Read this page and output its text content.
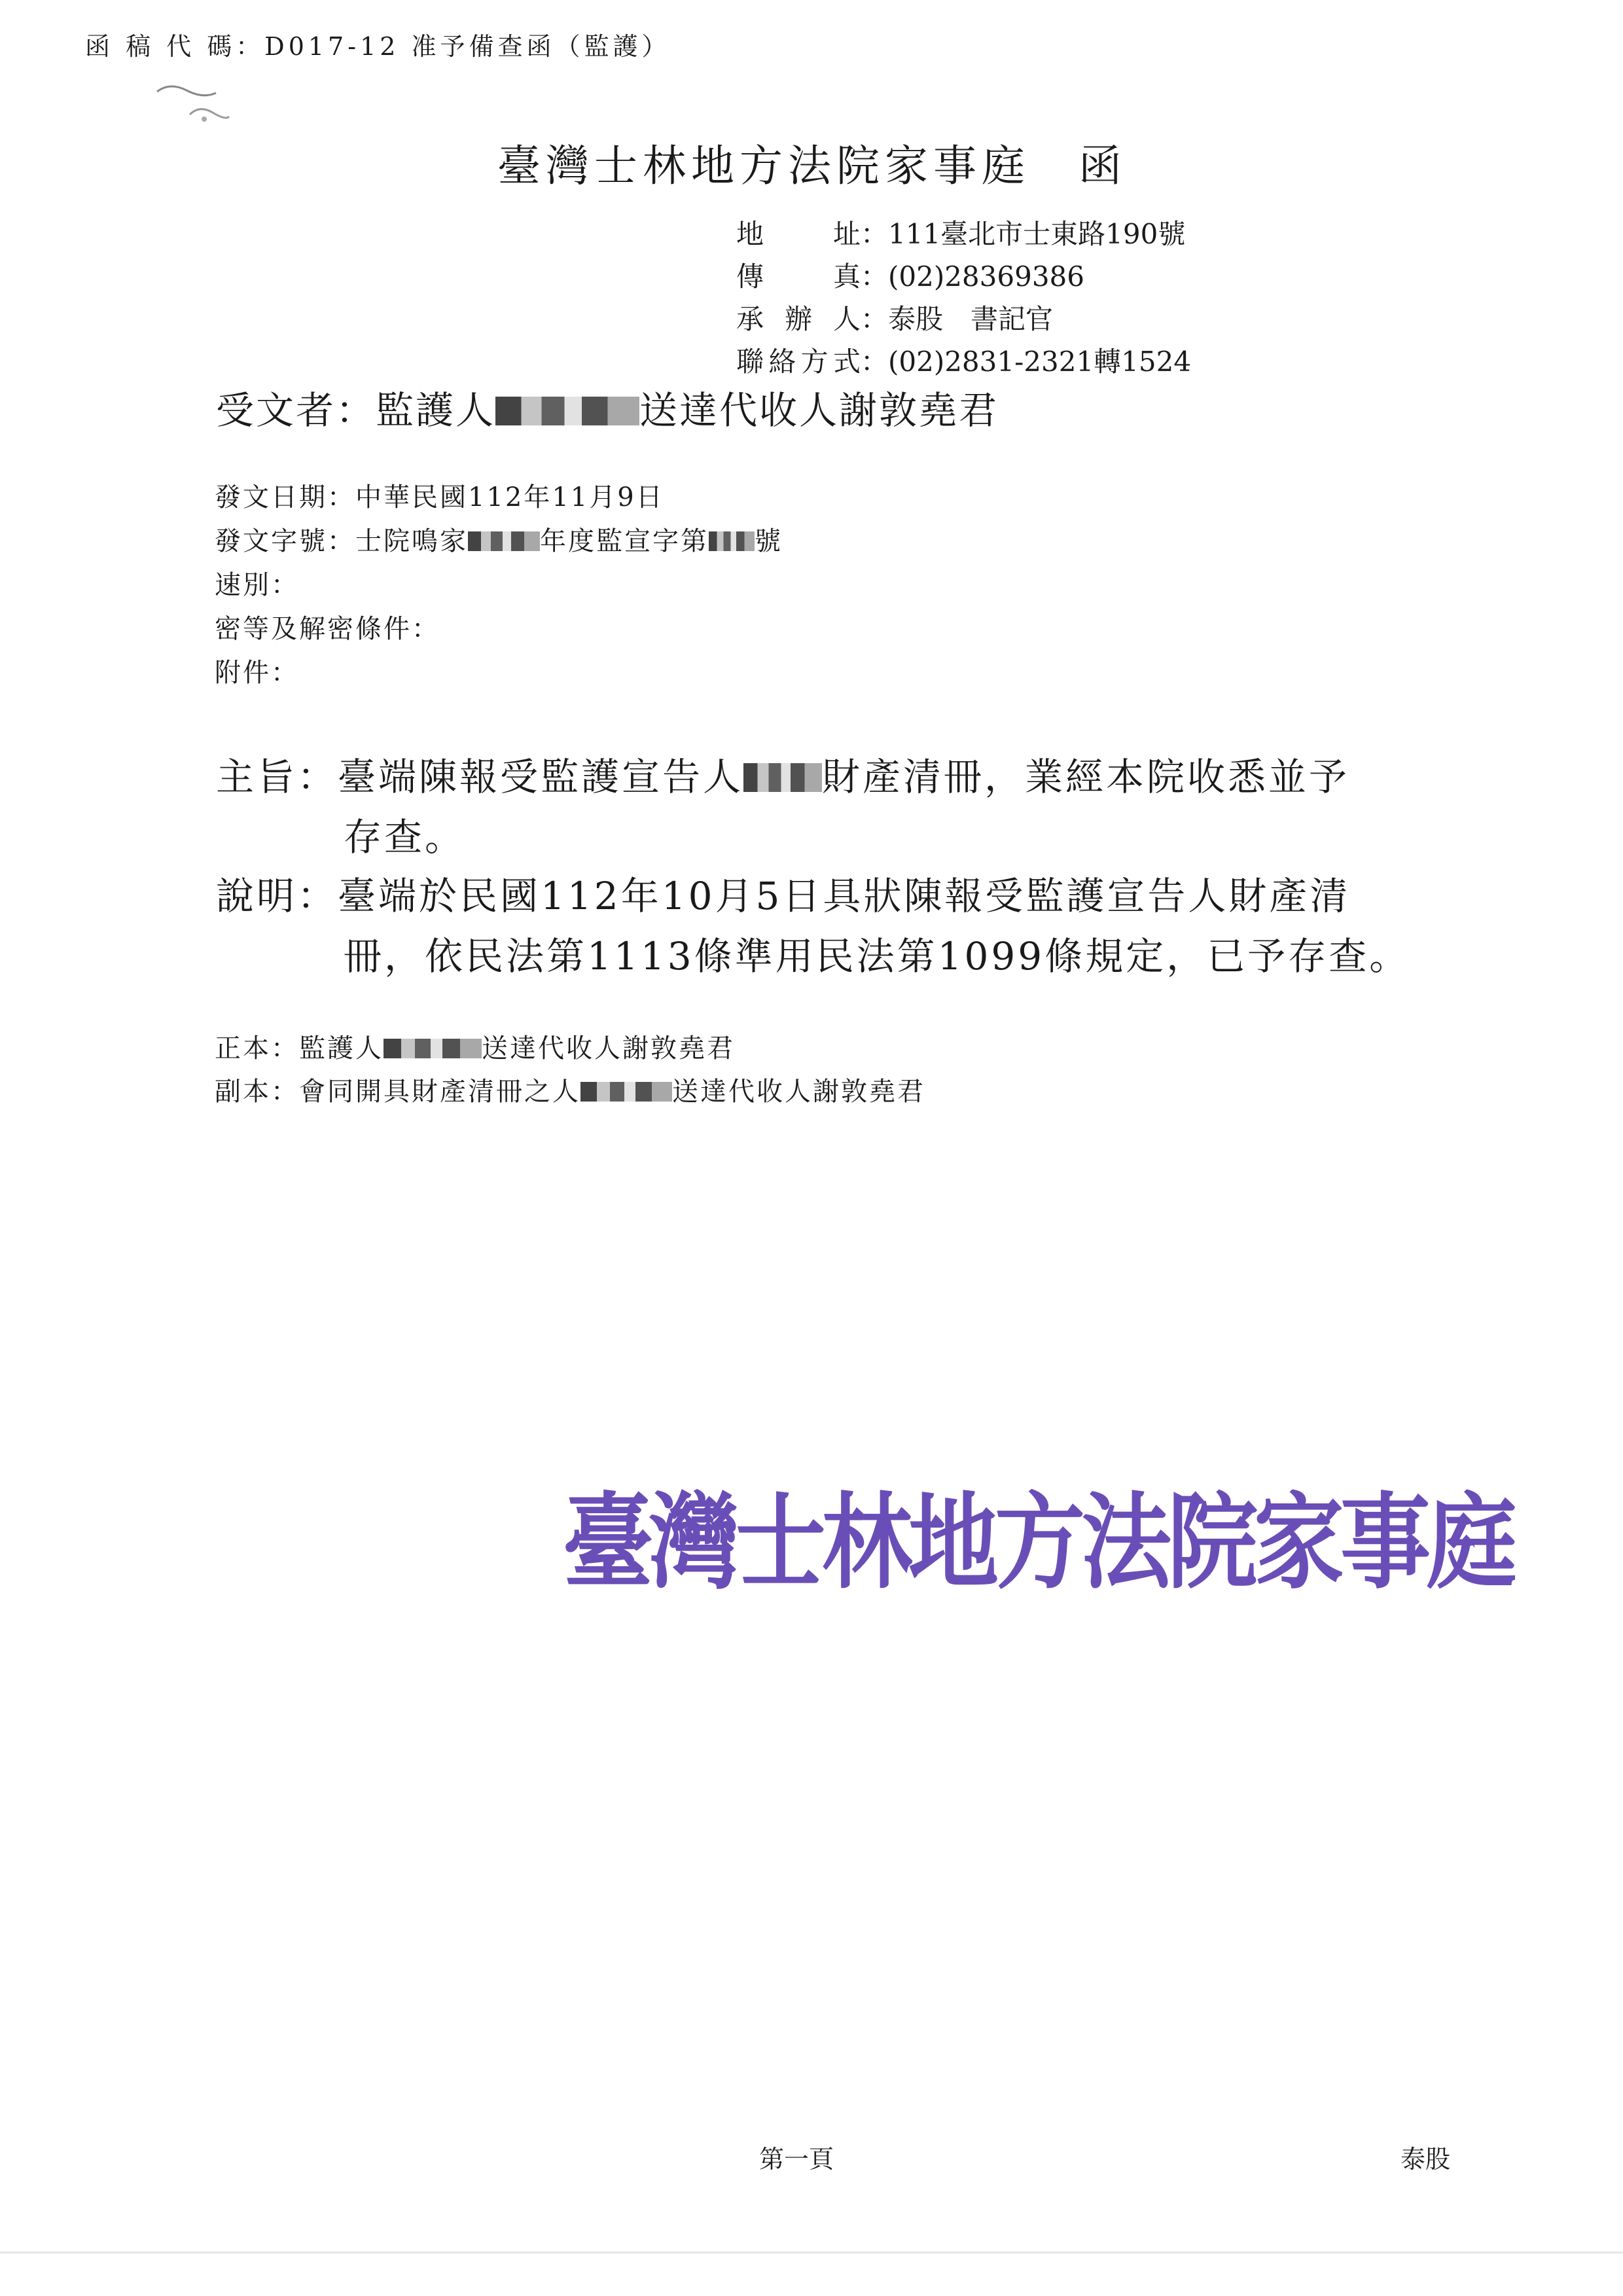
函 稿 代 碼：D017-12 准予備查函（監護）
臺灣士林地方法院家事庭　函
地址：111臺北市士東路190號
傳真：(02)28369386
承辦人：泰股　書記官
聯絡方式：(02)2831-2321轉1524
受文者：監護人	送達代收人謝敦堯君
發文日期：中華民國112年11月9日
發文字號：士院鳴家	年度監宣字第 號
速別：
密等及解密條件：
附件：
主旨：臺端陳報受監護宣告人 財產清冊，業經本院收悉並予
存查。
說明：臺端於民國112年10月5日具狀陳報受監護宣告人財產清
冊，依民法第1113條準用民法第1099條規定，已予存查。
正本：監護人	送達代收人謝敦堯君
副本：會同開具財產清冊之人	送達代收人謝敦堯君
臺灣士林地方法院家事庭
第一頁	泰股
